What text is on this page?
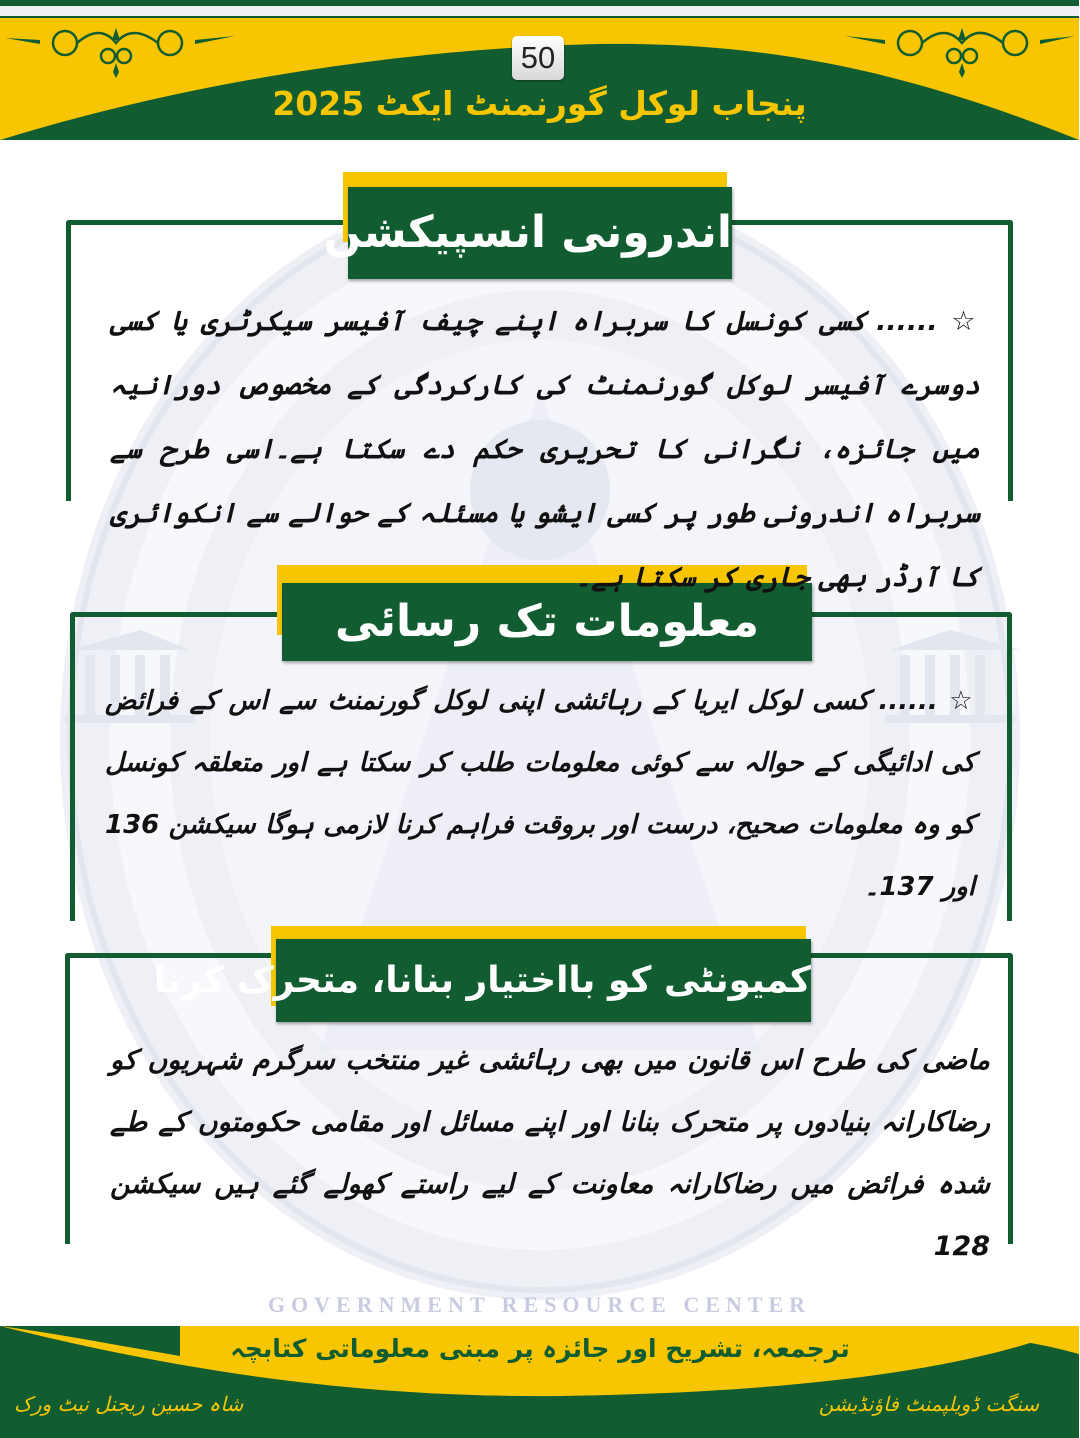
50
پنجاب لوکل گورنمنٹ ایکٹ 2025
GOVERNMENT RESOURCE CENTER
اندرونی انسپیکشن
☆ ...... کسی کونسل کا سربراہ اپنے چیف آفیسر سیکرٹری یا کسی دوسرے آفیسر لوکل گورنمنٹ کی کارکردگی کے مخصوص دورانیہ میں جائزہ، نگرانی کا تحریری حکم دے سکتا ہے۔اسی طرح سے سربراہ اندرونی طور پر کسی ایشو یا مسئلہ کے حوالے سے انکوائری کا آرڈر بھی جاری کر سکتا ہے۔
معلومات تک رسائی
☆ ...... کسی لوکل ایریا کے رہائشی اپنی لوکل گورنمنٹ سے اس کے فرائض کی ادائیگی کے حوالہ سے کوئی معلومات طلب کر سکتا ہے اور متعلقہ کونسل کو وہ معلومات صحیح، درست اور بروقت فراہم کرنا لازمی ہوگا سیکشن 136 اور 137۔
کمیونٹی کو بااختیار بنانا، متحرک کرنا
ماضی کی طرح اس قانون میں بھی رہائشی غیر منتخب سرگرم شہریوں کو رضاکارانہ بنیادوں پر متحرک بنانا اور اپنے مسائل اور مقامی حکومتوں کے طے شدہ فرائض میں رضاکارانہ معاونت کے لیے راستے کھولے گئے ہیں سیکشن 128
ترجمعہ، تشریح اور جائزہ پر مبنی معلوماتی کتابچہ
شاہ حسین ریجنل نیٹ ورک	سنگت ڈویلپمنٹ فاؤنڈیشن
